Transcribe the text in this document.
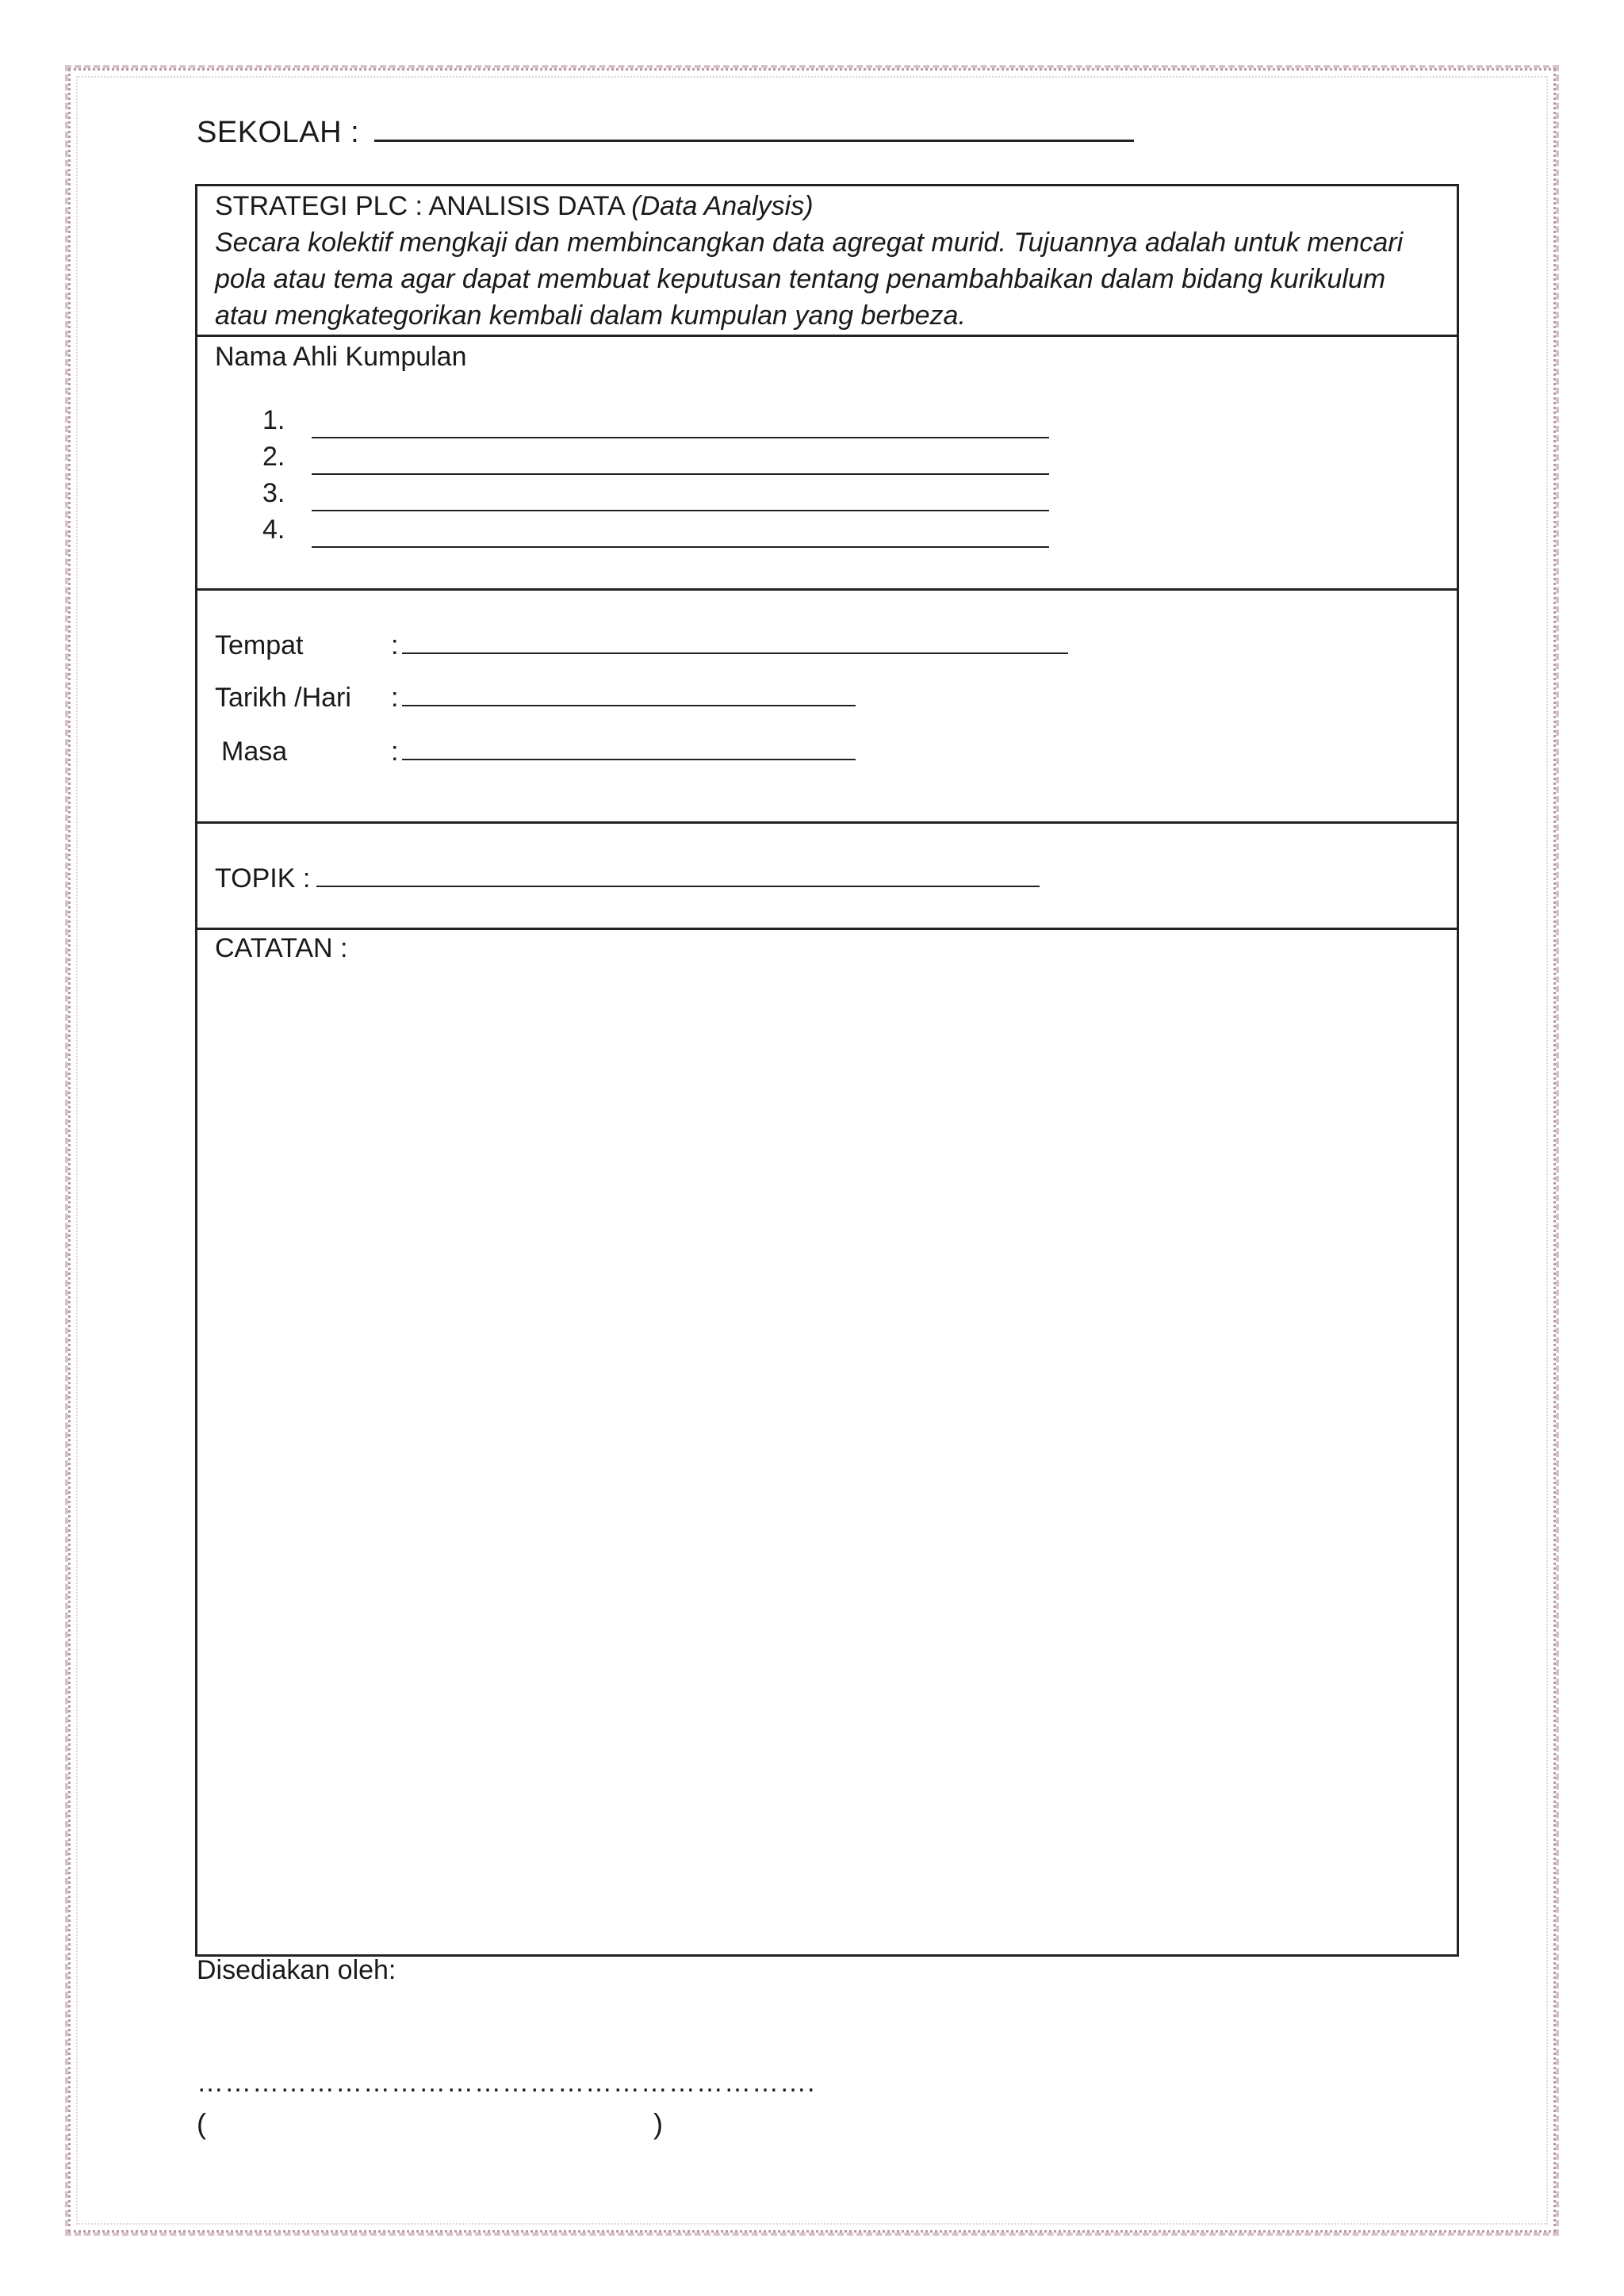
SEKOLAH :
STRATEGI PLC : ANALISIS DATA (Data Analysis)
Secara kolektif mengkaji dan membincangkan data agregat murid. Tujuannya adalah untuk mencari pola atau tema agar dapat membuat keputusan tentang penambahbaikan dalam bidang kurikulum atau mengkategorikan kembali dalam kumpulan yang berbeza.
Nama Ahli Kumpulan
1.
2.
3.
4.
Tempat	:
Tarikh /Hari :
Masa	:
TOPIK :
CATATAN :
Disediakan oleh:
………………………………………………………….
(	)
